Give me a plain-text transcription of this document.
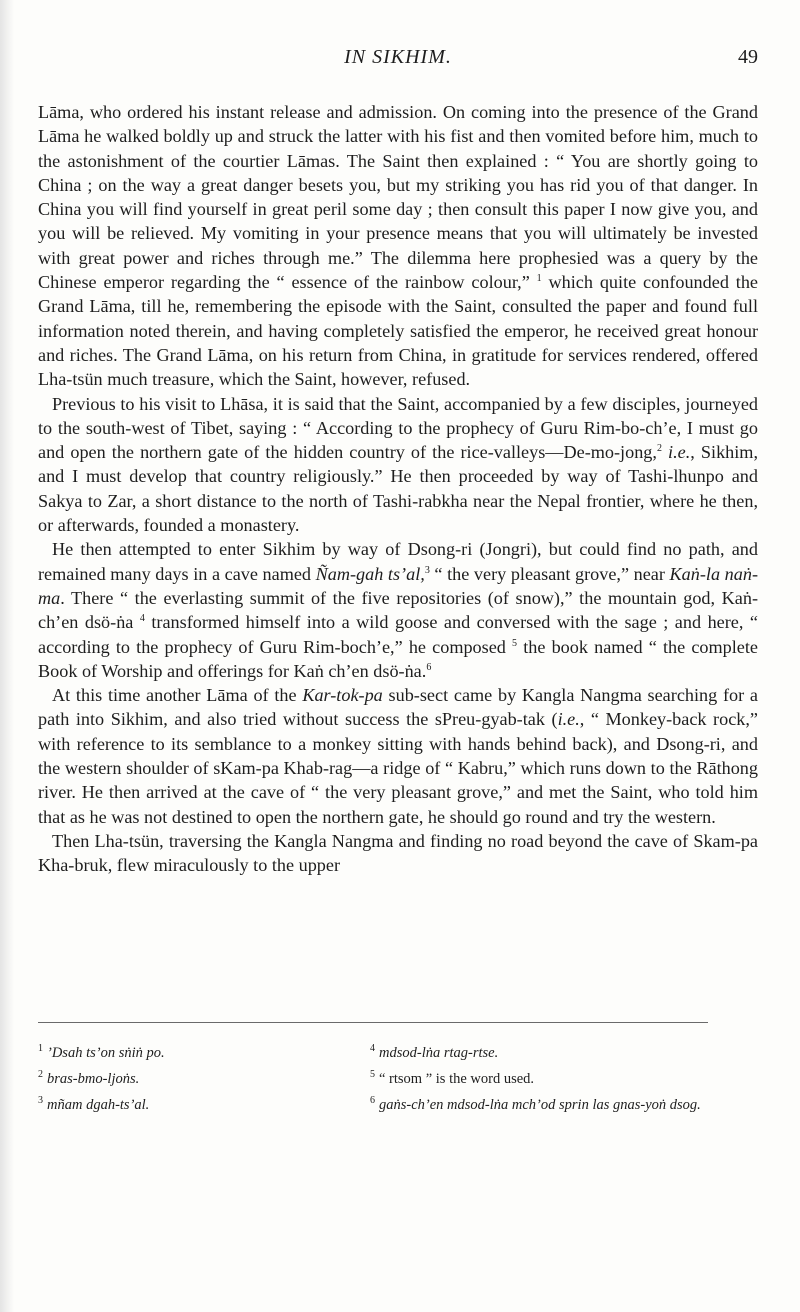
IN SIKHIM.	49

Lāma, who ordered his instant release and admission. On coming into the presence of the Grand Lāma he walked boldly up and struck the latter with his fist and then vomited before him, much to the astonishment of the courtier Lāmas. The Saint then explained : “ You are shortly going to China ; on the way a great danger besets you, but my striking you has rid you of that danger. In China you will find yourself in great peril some day ; then consult this paper I now give you, and you will be relieved. My vomiting in your presence means that you will ultimately be invested with great power and riches through me.” The dilemma here prophesied was a query by the Chinese emperor regarding the “ essence of the rainbow colour,” $^1$ which quite confounded the Grand Lāma, till he, remembering the episode with the Saint, consulted the paper and found full information noted therein, and having completely satisfied the emperor, he received great honour and riches. The Grand Lāma, on his return from China, in gratitude for services rendered, offered Lha-tsün much treasure, which the Saint, however, refused.

Previous to his visit to Lhāsa, it is said that the Saint, accompanied by a few disciples, journeyed to the south-west of Tibet, saying : “ According to the prophecy of Guru Rim-bo-ch’e, I must go and open the northern gate of the hidden country of the rice-valleys—De-mo-jong,$^2$ i.e., Sikhim, and I must develop that country religiously.” He then proceeded by way of Tashi-lhunpo and Sakya to Zar, a short distance to the north of Tashi-rabkha near the Nepal frontier, where he then, or afterwards, founded a monastery.

He then attempted to enter Sikhim by way of Dsong-ri (Jongri), but could find no path, and remained many days in a cave named Ñam-gah ts’al,$^3$ “ the very pleasant grove,” near Kaṅ-la naṅ-ma. There “ the everlasting summit of the five repositories (of snow),” the mountain god, Kaṅ-ch’en dsö-ṅa $^4$ transformed himself into a wild goose and conversed with the sage ; and here, “ according to the prophecy of Guru Rim-boch’e,” he composed $^5$ the book named “ the complete Book of Worship and offerings for Kaṅ ch’en dsö-ṅa.$^6$

At this time another Lāma of the Kar-tok-pa sub-sect came by Kangla Nangma searching for a path into Sikhim, and also tried without success the sPreu-gyab-tak (i.e., “ Monkey-back rock,” with reference to its semblance to a monkey sitting with hands behind back), and Dsong-ri, and the western shoulder of sKam-pa Khab-rag—a ridge of “ Kabru,” which runs down to the Rāthong river. He then arrived at the cave of “ the very pleasant grove,” and met the Saint, who told him that as he was not destined to open the northern gate, he should go round and try the western.

Then Lha-tsün, traversing the Kangla Nangma and finding no road beyond the cave of Skam-pa Kha-bruk, flew miraculously to the upper

$^1$ ’Dsah ts’on sṅiṅ po.
$^2$ bras-bmo-ljoṅs.
$^3$ mñam dgah-ts’al.
$^4$ mdsod-lṅa rtag-rtse.
$^5$ “ rtsom ” is the word used.
$^6$ gaṅs-ch’en mdsod-lṅa mch’od sprin las gnas-yoṅ dsog.
